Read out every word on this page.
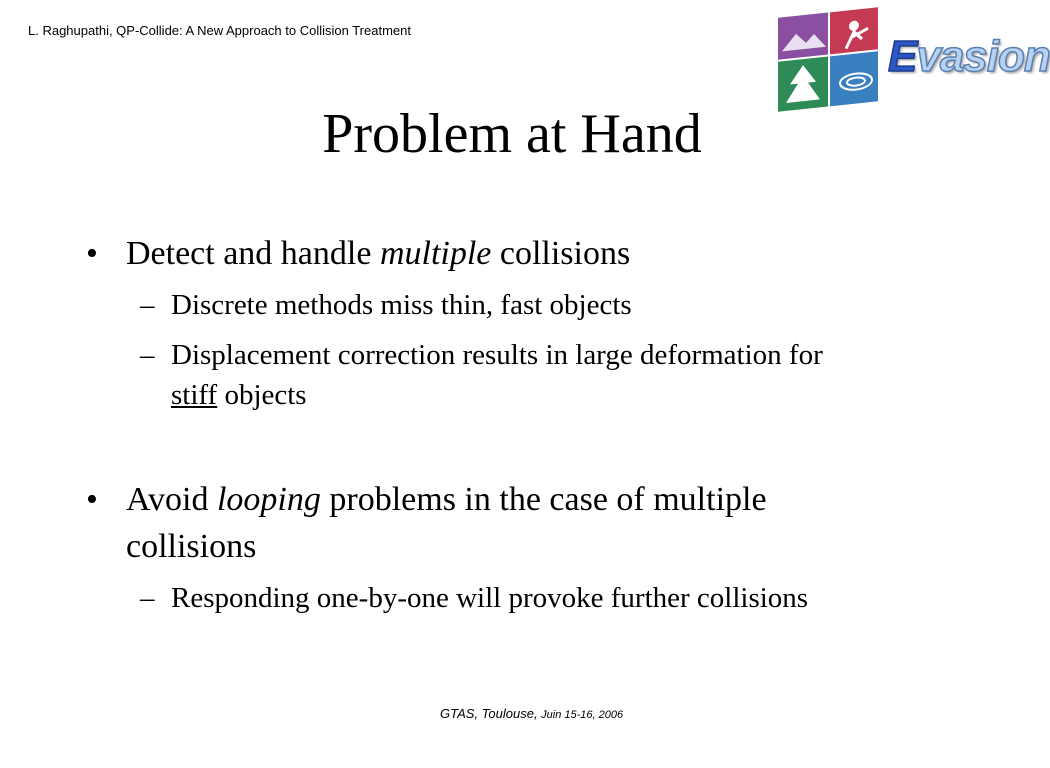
L. Raghupathi, QP-Collide: A New Approach to Collision Treatment
Evasion
Problem at Hand
• Detect and handle multiple collisions
– Discrete methods miss thin, fast objects
– Displacement correction results in large deformation for
stiff objects
• Avoid looping problems in the case of multiple
collisions
– Responding one-by-one will provoke further collisions
GTAS, Toulouse, Juin 15-16, 2006
